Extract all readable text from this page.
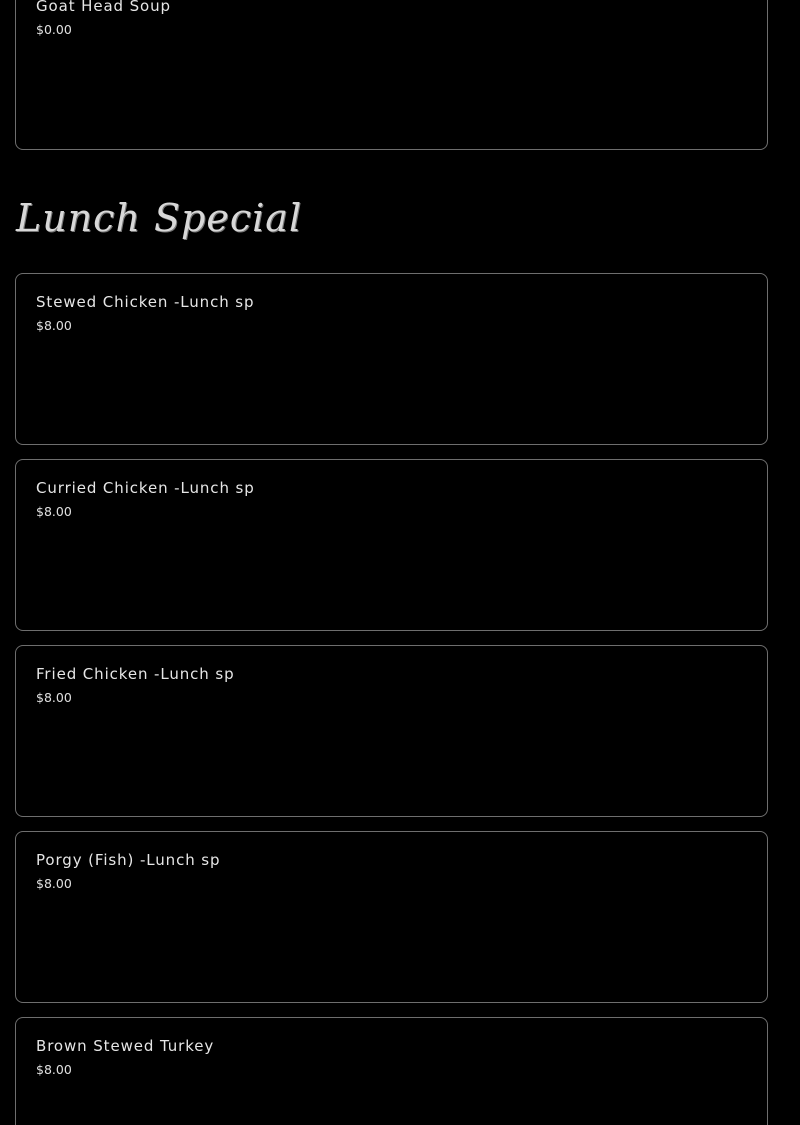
Goat Head Soup
$0.00
Lunch Special
Stewed Chicken -Lunch sp
$8.00
Curried Chicken -Lunch sp
$8.00
Fried Chicken -Lunch sp
$8.00
Porgy (Fish) -Lunch sp
$8.00
Brown Stewed Turkey
$8.00
